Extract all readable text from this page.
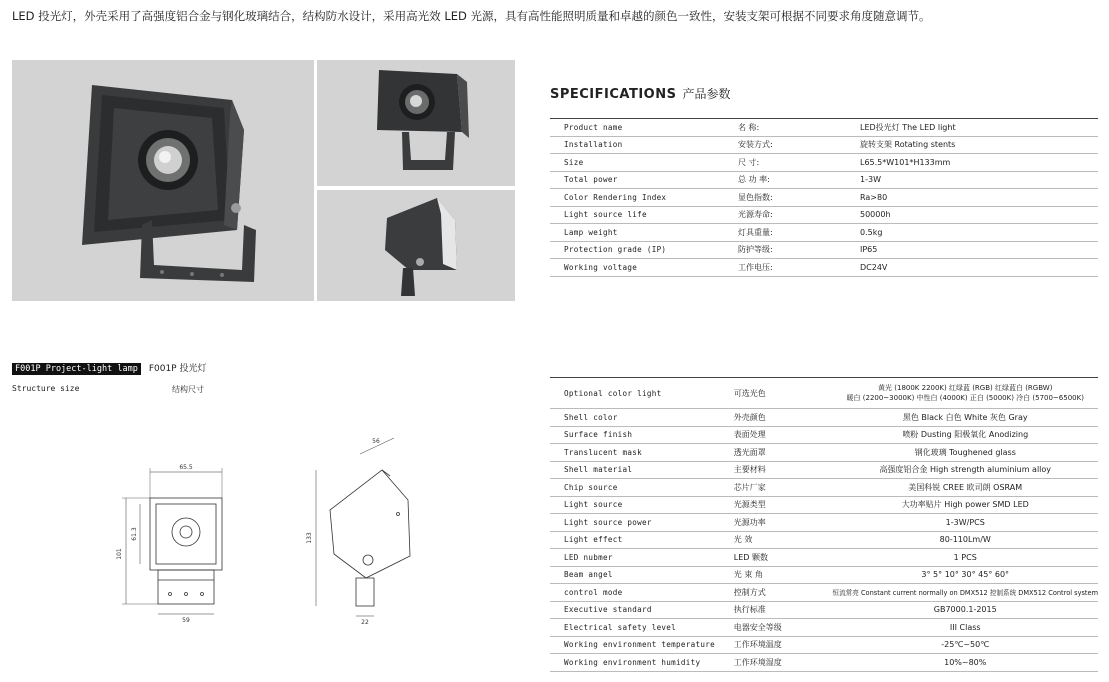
LED 投光灯，外壳采用了高强度铝合金与钢化玻璃结合，结构防水设计，采用高光效 LED 光源，具有高性能照明质量和卓越的颜色一致性，安装支架可根据不同要求角度随意调节。
SPECIFICATIONS 产品参数
Product name	名 称:	LED投光灯 The LED light
Installation	安装方式:	旋转支架 Rotating stents
Size	尺 寸:	L65.5*W101*H133mm
Total power	总 功 率:	1-3W
Color Rendering Index	显色指数:	Ra>80
Light source life	光源寿命:	50000h
Lamp weight	灯具重量:	0.5kg
Protection grade (IP)	防护等级:	IP65
Working voltage	工作电压:	DC24V
F001P Project-light lamp F001P 投光灯
Structure size	结构尺寸
65.5
101
61.3
59
133
56
22
Optional color light	可选光色	黄光 (1800K 2200K) 红绿蓝 (RGB) 红绿蓝白 (RGBW)
暖白 (2200~3000K) 中性白 (4000K) 正白 (5000K) 冷白 (5700~6500K)

Shell color	外壳颜色	黑色 Black 白色 White 灰色 Gray
Surface finish	表面处理	喷粉 Dusting 阳极氧化 Anodizing
Translucent mask	透光面罩	钢化玻璃 Toughened glass
Shell material	主要材料	高强度铝合金 High strength aluminium alloy
Chip source	芯片厂家	美国科锐 CREE 欧司朗 OSRAM
Light source	光源类型	大功率贴片 High power SMD LED
Light source power	光源功率	1-3W/PCS
Light effect	光 效	80-110Lm/W
LED nubmer	LED 颗数	1 PCS
Beam angel	光 束 角	3° 5° 10° 30° 45° 60°
control mode	控制方式	恒流常亮 Constant current normally on DMX512 控制系统 DMX512 Control system
Executive standard	执行标准	GB7000.1-2015
Electrical safety level	电器安全等级	III Class
Working environment temperature	工作环境温度	-25℃~50℃
Working environment humidity	工作环境湿度	10%~80%
